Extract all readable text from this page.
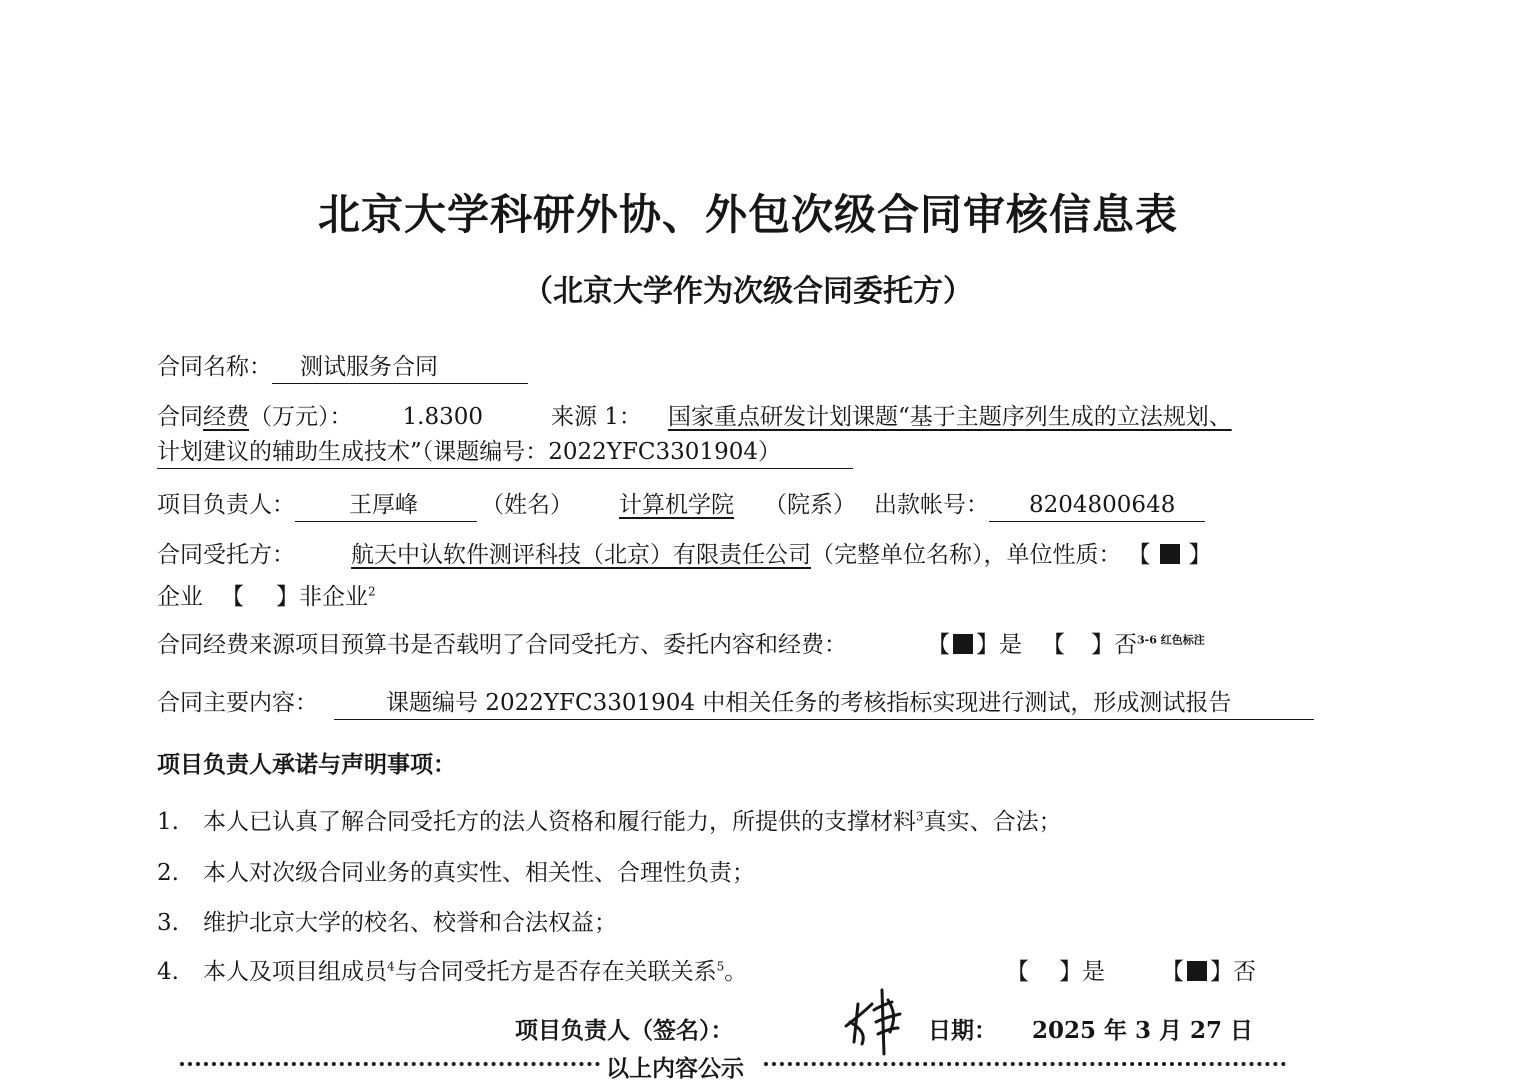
北京大学科研外协、外包次级合同审核信息表
（北京大学作为次级合同委托方）
合同名称： 测试服务合同
合同经费（万元）： 1.8300	来源 1： 国家重点研发计划课题“基于主题序列生成的立法规划、
计划建议的辅助生成技术”（课题编号：2022YFC3301904）
项目负责人： 王厚峰	（姓名） 计算机学院 （院系） 出款帐号： 8204800648
合同受托方： 航天中认软件测评科技（北京）有限责任公司（完整单位名称），单位性质： 【 】
企业 【 】非企业$^2$
合同经费来源项目预算书是否载明了合同受托方、委托内容和经费：	【 】是 【 】否$^{3-6 红色标注}$
合同主要内容：	课题编号 2022YFC3301904 中相关任务的考核指标实现进行测试，形成测试报告
项目负责人承诺与声明事项：
1. 本人已认真了解合同受托方的法人资格和履行能力，所提供的支撑材料$^3$真实、合法；
2. 本人对次级合同业务的真实性、相关性、合理性负责；
3. 维护北京大学的校名、校誉和合法权益；
4. 本人及项目组成员$^4$与合同受托方是否存在关联关系$^5$。	【 】是 【 】否
项目负责人（签名）：	日期： 2025 年 3 月 27 日
以上内容公示
